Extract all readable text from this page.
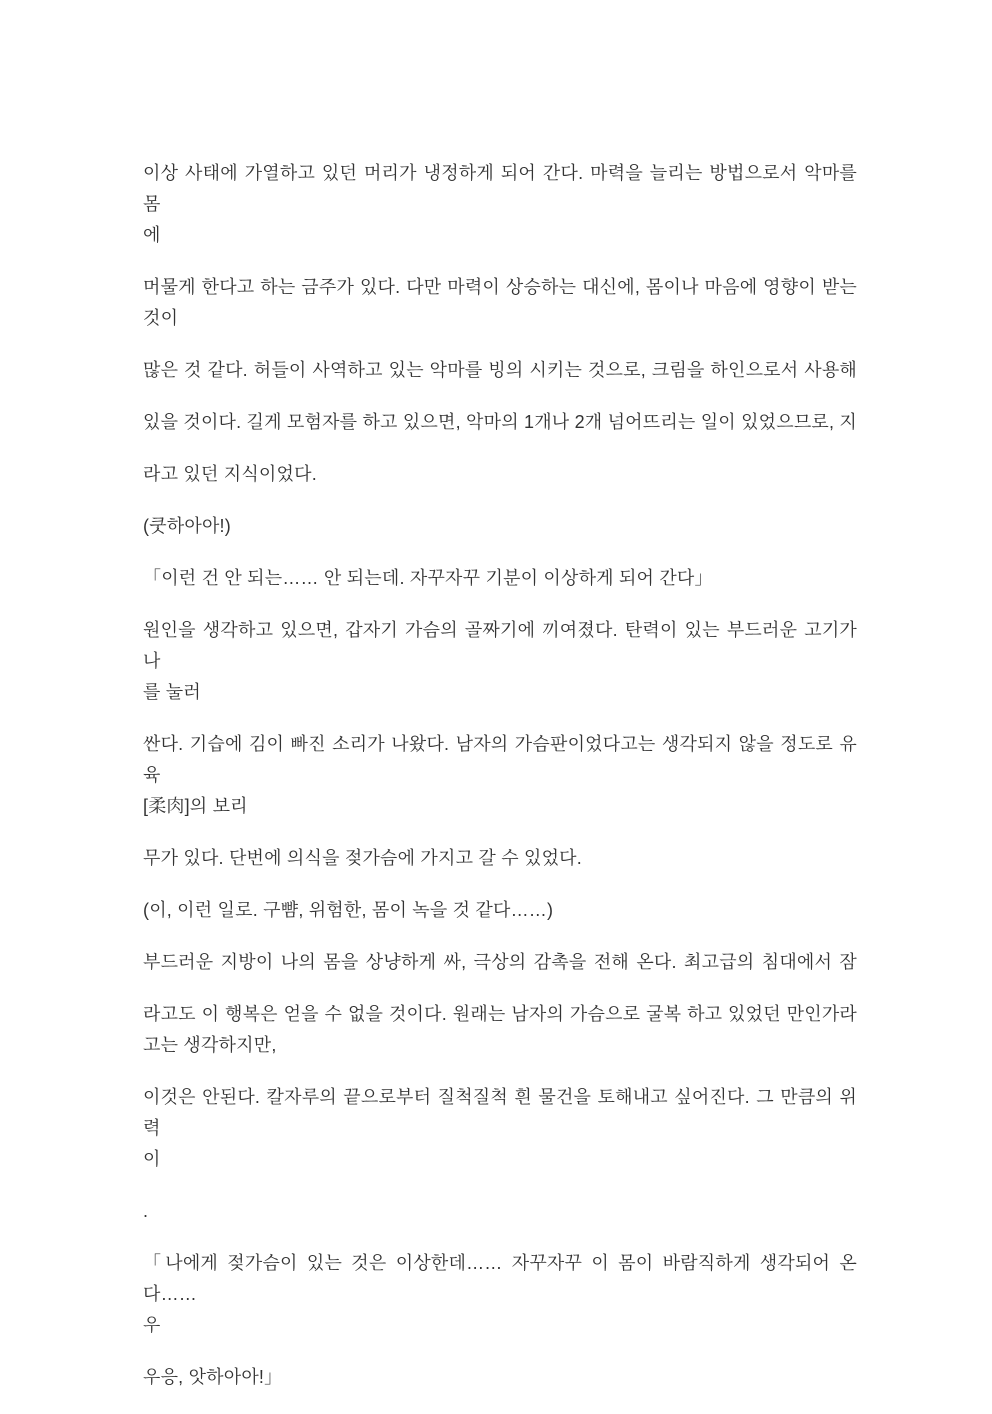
이상 사태에 가열하고 있던 머리가 냉정하게 되어 간다. 마력을 늘리는 방법으로서 악마를 몸
에
머물게 한다고 하는 금주가 있다. 다만 마력이 상승하는 대신에, 몸이나 마음에 영향이 받는
것이
많은 것 같다. 허들이 사역하고 있는 악마를 빙의 시키는 것으로, 크림을 하인으로서 사용해
있을 것이다. 길게 모험자를 하고 있으면, 악마의 1개나 2개 넘어뜨리는 일이 있었으므로, 지
라고 있던 지식이었다.
(쿳하아아!)
「이런 건 안 되는…… 안 되는데. 자꾸자꾸 기분이 이상하게 되어 간다」
원인을 생각하고 있으면, 갑자기 가슴의 골짜기에 끼여졌다. 탄력이 있는 부드러운 고기가 나
를 눌러
싼다. 기습에 김이 빠진 소리가 나왔다. 남자의 가슴판이었다고는 생각되지 않을 정도로 유육
[柔肉]의 보리
무가 있다. 단번에 의식을 젖가슴에 가지고 갈 수 있었다.
(이, 이런 일로. 구뺨, 위험한, 몸이 녹을 것 같다……)
부드러운 지방이 나의 몸을 상냥하게 싸, 극상의 감촉을 전해 온다. 최고급의 침대에서 잠
라고도 이 행복은 얻을 수 없을 것이다. 원래는 남자의 가슴으로 굴복 하고 있었던 만인가라
고는 생각하지만,
이것은 안된다. 칼자루의 끝으로부터 질척질척 흰 물건을 토해내고 싶어진다. 그 만큼의 위력
이
.
「나에게 젖가슴이 있는 것은 이상한데…… 자꾸자꾸 이 몸이 바람직하게 생각되어 온다……
우
우응, 앗하아아!」
